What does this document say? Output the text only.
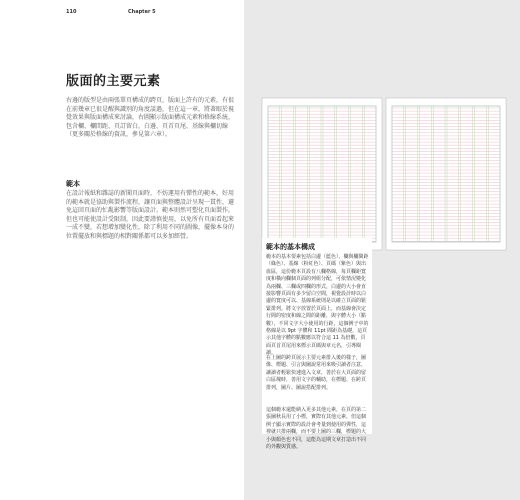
110	Chapter 5
版面的主要元素

右邊的版型是由兩張單頁構成的跨頁，版面上許有的元素，有很在前幾章已很是醒與識別的角度談過，但在這一章，將著眼於視覺效果與版面構成來討論，右圖顯示版面構成元素和格線系統，包含欄、欄間距、頁訂留白，白邊、頁首頁尾、基線與欄切線（更多關於格線的資訊，參見第六章）。

範本

在設計報紙和雜誌的新聞頁面時，不妨運用有彈性的範本，好用的範本就是協助與製作流程，讓頁面與整體設計呈現一貫性，避免這回頁面的忙亂影響等版面設計。範本則然可塑化頁面製作，但也可能使設計受限制，因此要謹慎使用，以免所有頁面看起來一成不變，若想增加變化性，除了利用不同的圖像，擺像本身的位置擺放和與標題的相對關係都可以多加經營。

範本的基本構成

範本的基本要素包括白邊（藍色）、欄與欄間距（綠色）、基線（粉紅色）、頁碼（紫色）與出血區，這份範本頁設有八欄格線，每頁欄距寬度和橫向欄個頁面的列組分配，可依情況變化為兩欄、三欄或四欄的形式，白邊的大小會直接影響頁面有多少留白空間，視覺設計時以白邊的寬度可以、基線系統則是以確立頁面的鬆緊排列。將文字放置於頁面上，而基線會決定行間的密度和線之間的距離，與字體大小（點數），不同文字大小使用的行距，這個例子中的格線是以 9pt 字體和 11pt 間距為基礎，這頁示其他字體的點數應以符合這 11 為倍數，頁面頁首頁尾用來標示頁碼與章元名，引導閱讀。

在上圖的跨頁展示主要元素排入後的樣子，圖像、標題、引言與圖說常用來吸引讀者注意，讓讀者輕鬆快速進入文章，善於在大頁面的留白區塊時，善用文字的輔助，在標題、在跨頁排列，圖片、圖說搭配排列。

這個範本還能納入更多其他元素，在頁的第二張圖秋長用了小標，實際有其他元素，但這個例子顯示實際的設計會考量到使用的彈性，這裡就只排兩欄，而不要上圖的三欄，標題的大小與顏色也不同，這能為這期文章打造出不同的外觀與質感。
